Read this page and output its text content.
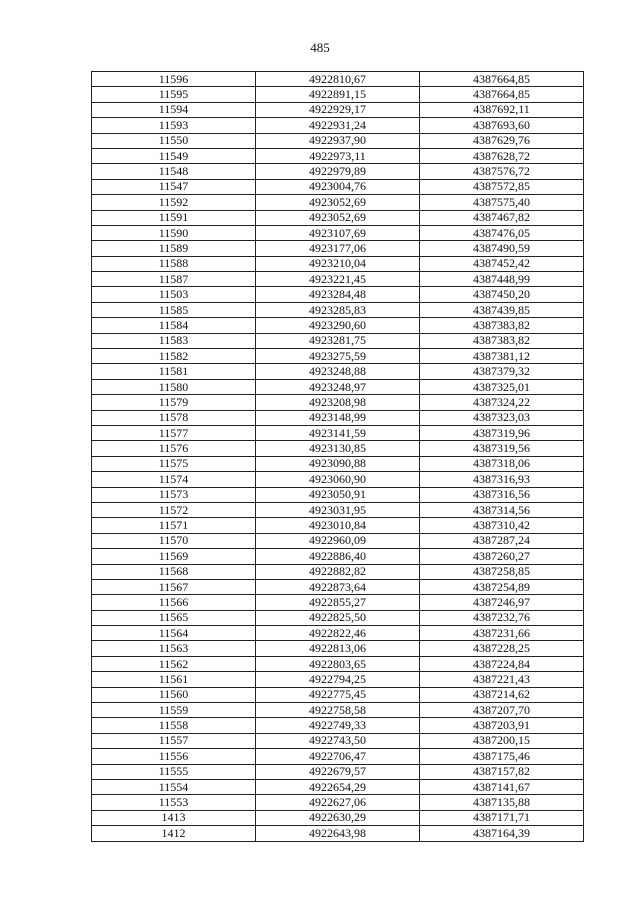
485
11596	4922810,67	4387664,85
11595	4922891,15	4387664,85
11594	4922929,17	4387692,11
11593	4922931,24	4387693,60
11550	4922937,90	4387629,76
11549	4922973,11	4387628,72
11548	4922979,89	4387576,72
11547	4923004,76	4387572,85
11592	4923052,69	4387575,40
11591	4923052,69	4387467,82
11590	4923107,69	4387476,05
11589	4923177,06	4387490,59
11588	4923210,04	4387452,42
11587	4923221,45	4387448,99
11503	4923284,48	4387450,20
11585	4923285,83	4387439,85
11584	4923290,60	4387383,82
11583	4923281,75	4387383,82
11582	4923275,59	4387381,12
11581	4923248,88	4387379,32
11580	4923248,97	4387325,01
11579	4923208,98	4387324,22
11578	4923148,99	4387323,03
11577	4923141,59	4387319,96
11576	4923130,85	4387319,56
11575	4923090,88	4387318,06
11574	4923060,90	4387316,93
11573	4923050,91	4387316,56
11572	4923031,95	4387314,56
11571	4923010,84	4387310,42
11570	4922960,09	4387287,24
11569	4922886,40	4387260,27
11568	4922882,82	4387258,85
11567	4922873,64	4387254,89
11566	4922855,27	4387246,97
11565	4922825,50	4387232,76
11564	4922822,46	4387231,66
11563	4922813,06	4387228,25
11562	4922803,65	4387224,84
11561	4922794,25	4387221,43
11560	4922775,45	4387214,62
11559	4922758,58	4387207,70
11558	4922749,33	4387203,91
11557	4922743,50	4387200,15
11556	4922706,47	4387175,46
11555	4922679,57	4387157,82
11554	4922654,29	4387141,67
11553	4922627,06	4387135,88
1413	4922630,29	4387171,71
1412	4922643,98	4387164,39
